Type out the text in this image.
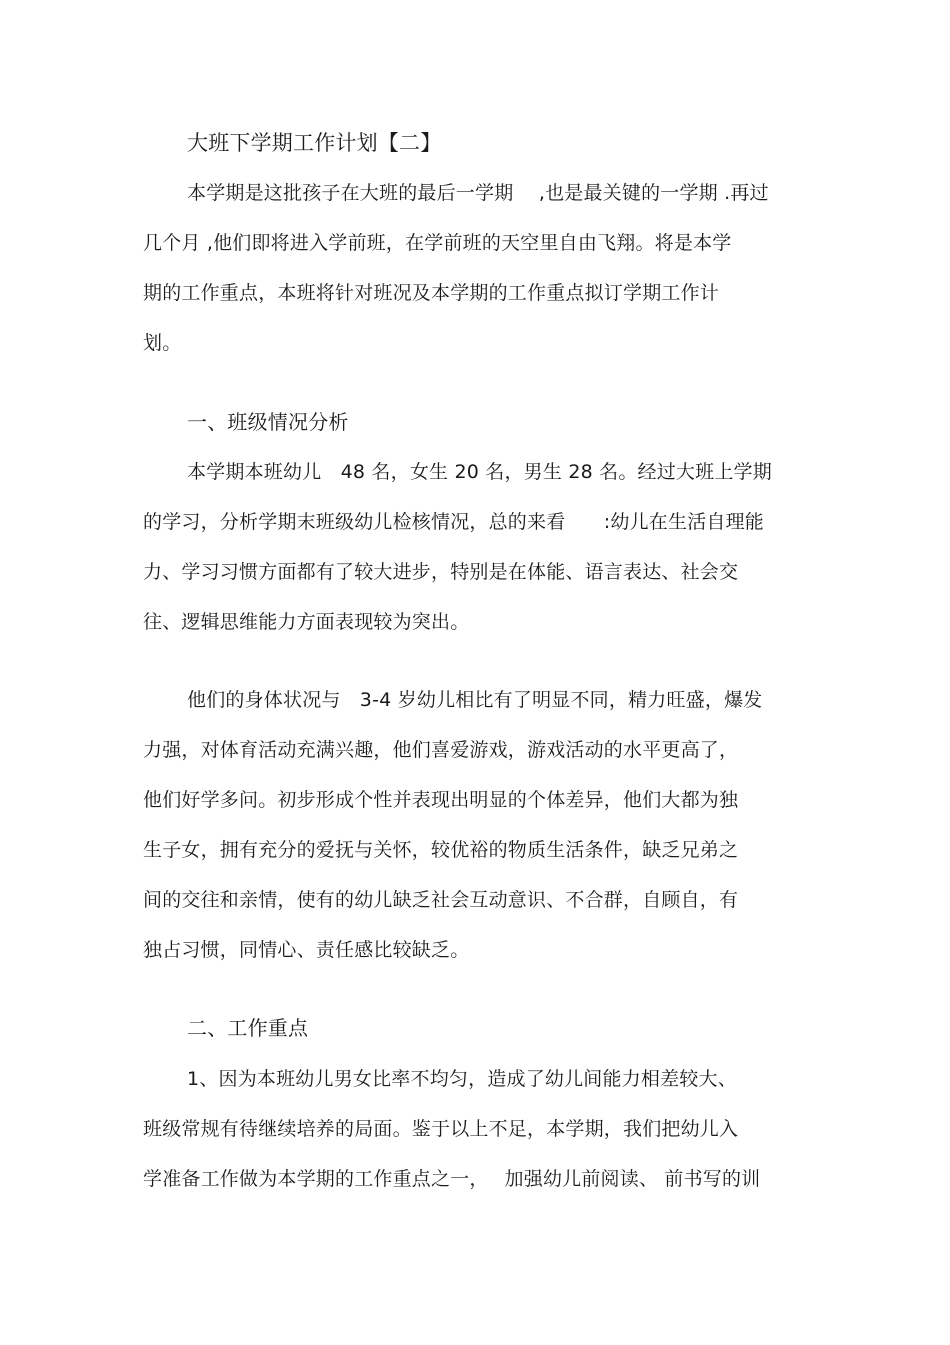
大班下学期工作计划【二】
本学期是这批孩子在大班的最后一学期　 ,也是最关键的一学期 .再过
几个月 ,他们即将进入学前班，在学前班的天空里自由飞翔。将是本学
期的工作重点，本班将针对班况及本学期的工作重点拟订学期工作计
划。
一、班级情况分析
本学期本班幼儿　48 名，女生 20 名，男生 28 名。经过大班上学期
的学习，分析学期末班级幼儿检核情况，总的来看　　:幼儿在生活自理能
力、学习习惯方面都有了较大进步，特别是在体能、语言表达、社会交
往、逻辑思维能力方面表现较为突出。
他们的身体状况与　3-4 岁幼儿相比有了明显不同，精力旺盛，爆发
力强，对体育活动充满兴趣，他们喜爱游戏，游戏活动的水平更高了，
他们好学多问。初步形成个性并表现出明显的个体差异，他们大都为独
生子女，拥有充分的爱抚与关怀，较优裕的物质生活条件，缺乏兄弟之
间的交往和亲情，使有的幼儿缺乏社会互动意识、不合群，自顾自，有
独占习惯，同情心、责任感比较缺乏。
二、工作重点
1、因为本班幼儿男女比率不均匀，造成了幼儿间能力相差较大、
班级常规有待继续培养的局面。鉴于以上不足，本学期，我们把幼儿入
学准备工作做为本学期的工作重点之一，　 加强幼儿前阅读、 前书写的训
